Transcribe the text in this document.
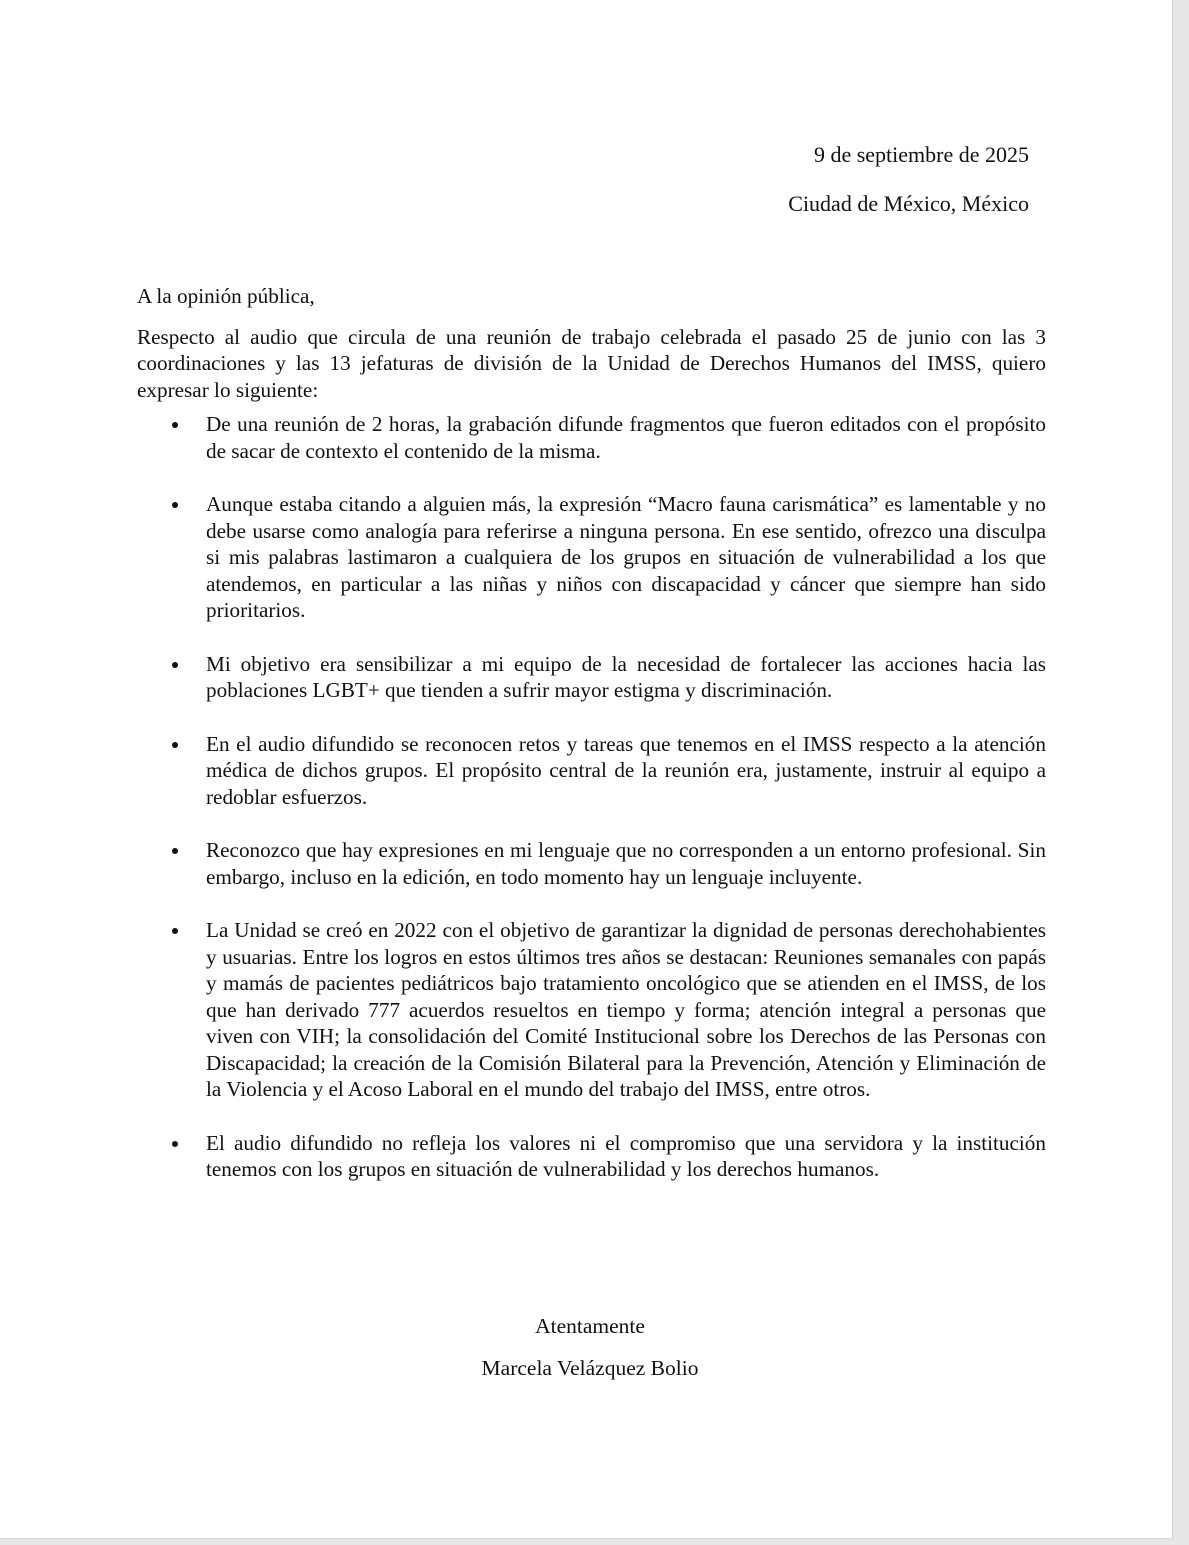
9 de septiembre de 2025
Ciudad de México, México

A la opinión pública,

Respecto al audio que circula de una reunión de trabajo celebrada el pasado 25 de junio con las 3 coordinaciones y las 13 jefaturas de división de la Unidad de Derechos Humanos del IMSS, quiero expresar lo siguiente:

De una reunión de 2 horas, la grabación difunde fragmentos que fueron editados con el propósito de sacar de contexto el contenido de la misma.
Aunque estaba citando a alguien más, la expresión “Macro fauna carismática” es lamentable y no debe usarse como analogía para referirse a ninguna persona. En ese sentido, ofrezco una disculpa si mis palabras lastimaron a cualquiera de los grupos en situación de vulnerabilidad a los que atendemos, en particular a las niñas y niños con discapacidad y cáncer que siempre han sido prioritarios.
Mi objetivo era sensibilizar a mi equipo de la necesidad de fortalecer las acciones hacia las poblaciones LGBT+ que tienden a sufrir mayor estigma y discriminación.
En el audio difundido se reconocen retos y tareas que tenemos en el IMSS respecto a la atención médica de dichos grupos. El propósito central de la reunión era, justamente, instruir al equipo a redoblar esfuerzos.
Reconozco que hay expresiones en mi lenguaje que no corresponden a un entorno profesional. Sin embargo, incluso en la edición, en todo momento hay un lenguaje incluyente.
La Unidad se creó en 2022 con el objetivo de garantizar la dignidad de personas derechohabientes y usuarias. Entre los logros en estos últimos tres años se destacan: Reuniones semanales con papás y mamás de pacientes pediátricos bajo tratamiento oncológico que se atienden en el IMSS, de los que han derivado 777 acuerdos resueltos en tiempo y forma; atención integral a personas que viven con VIH; la consolidación del Comité Institucional sobre los Derechos de las Personas con Discapacidad; la creación de la Comisión Bilateral para la Prevención, Atención y Eliminación de la Violencia y el Acoso Laboral en el mundo del trabajo del IMSS, entre otros.
El audio difundido no refleja los valores ni el compromiso que una servidora y la institución tenemos con los grupos en situación de vulnerabilidad y los derechos humanos.
Atentamente
Marcela Velázquez Bolio
